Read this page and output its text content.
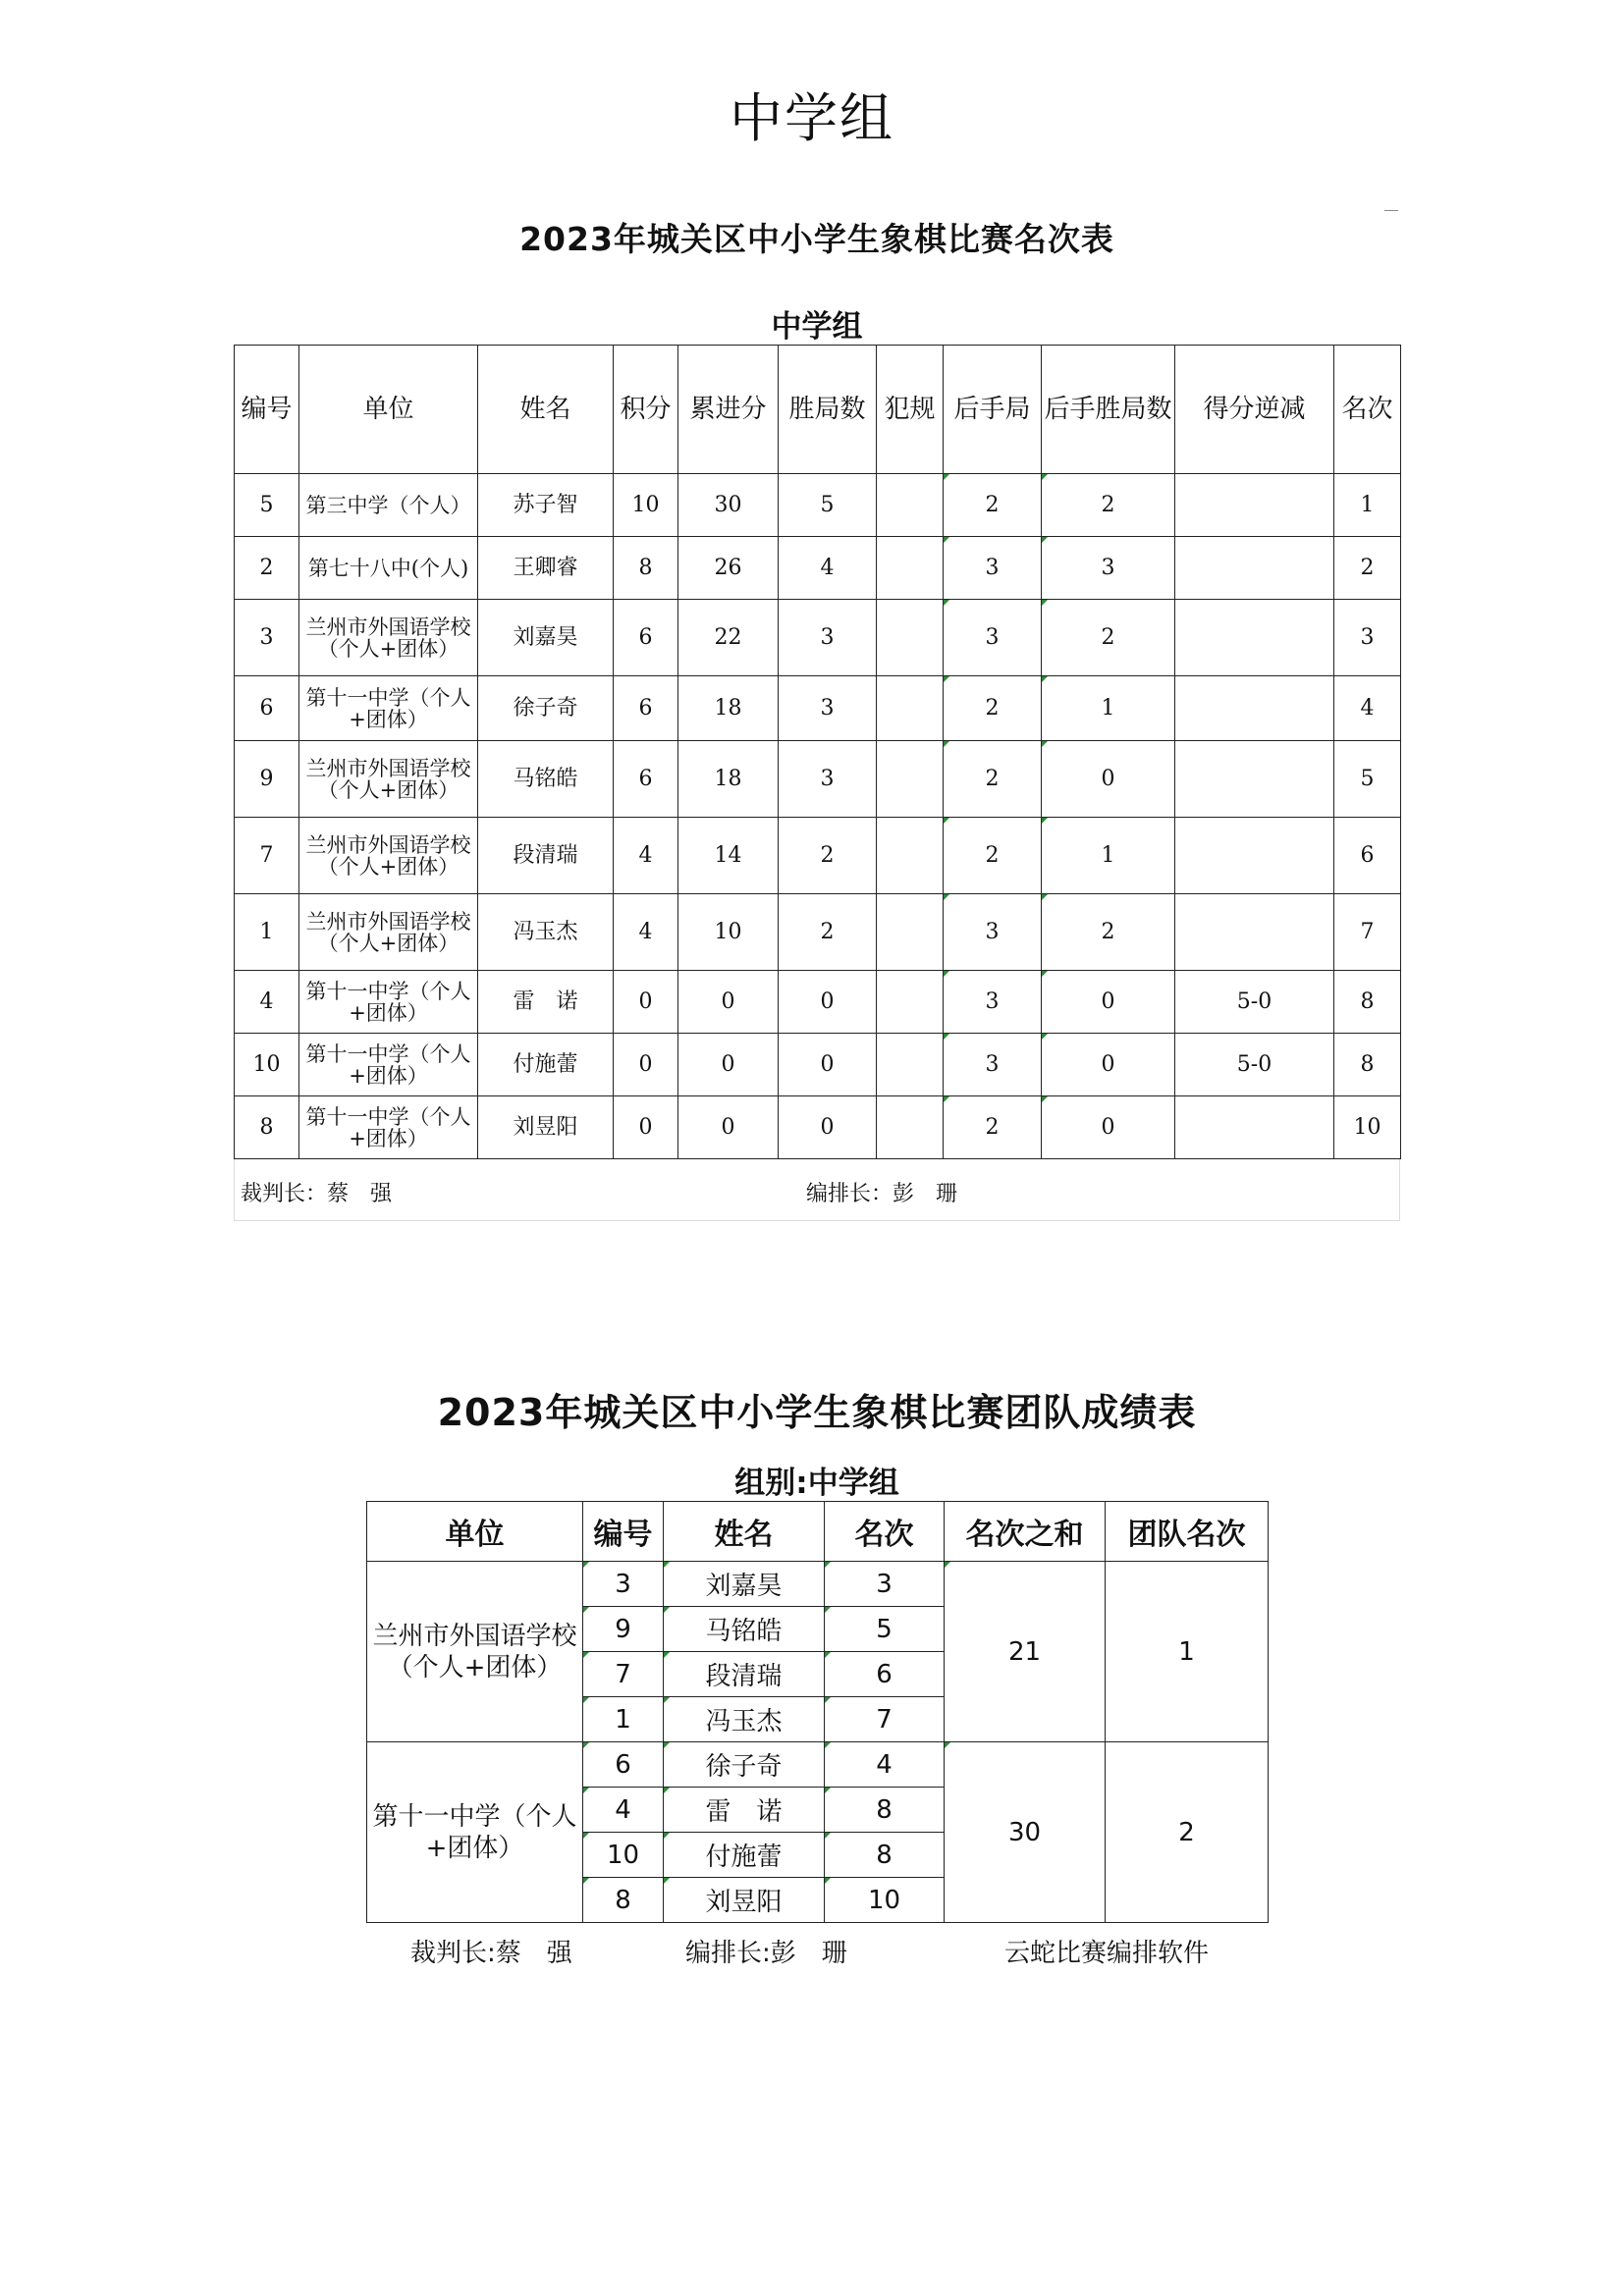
中学组
2023年城关区中小学生象棋比赛名次表
中学组
编号	单位	姓名	积分	累进分	胜局数	犯规	后手局	后手胜局数	得分逆减	名次
5	第三中学（个人）	苏子智	10	30	5		2	2		1
2	第七十八中(个人)	王卿睿	8	26	4		3	3		2
3	兰州市外国语学校（个人+团体）	刘嘉昊	6	22	3		3	2		3
6	第十一中学（个人+团体）	徐子奇	6	18	3		2	1		4
9	兰州市外国语学校（个人+团体）	马铭皓	6	18	3		2	0		5
7	兰州市外国语学校（个人+团体）	段清瑞	4	14	2		2	1		6
1	兰州市外国语学校（个人+团体）	冯玉杰	4	10	2		3	2		7
4	第十一中学（个人+团体）	雷　诺	0	0	0		3	0	5-0	8
10	第十一中学（个人+团体）	付施蕾	0	0	0		3	0	5-0	8
8	第十一中学（个人+团体）	刘昱阳	0	0	0		2	0		10
裁判长：蔡　强	编排长：彭　珊
2023年城关区中小学生象棋比赛团队成绩表
组别:中学组
单位	编号	姓名	名次	名次之和	团队名次
兰州市外国语学校（个人+团体）	3	刘嘉昊	3	21	1
	9	马铭皓	5		
	7	段清瑞	6		
	1	冯玉杰	7		
第十一中学（个人+团体）	6	徐子奇	4	30	2
	4	雷　诺	8		
	10	付施蕾	8		
	8	刘昱阳	10		
裁判长:蔡　强	编排长:彭　珊	云蛇比赛编排软件
